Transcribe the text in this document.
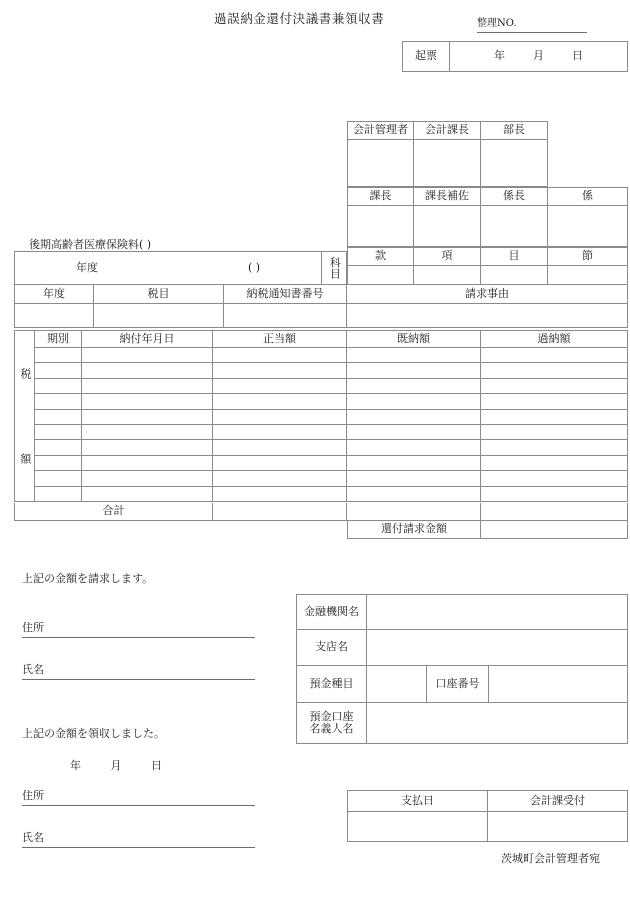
過誤納金還付決議書兼領収書	整理NO.
起票	年	月	日
会計管理者	会計課長	部長
課長	課長補佐	係長	係
款	項	目	節
後期高齢者医療保険料( )
年度	( )	科目
年度	税目	納税通知書番号	請求事由
税
額
期別	納付年月日	正当額	既納額	過納額
合計
還付請求金額
上記の金額を請求します。
住所
氏名
上記の金額を領収しました。
年	月	日
住所
氏名
金融機関名
支店名
預金種目	口座番号
預金口座
名義人名
支払日	会計課受付
茨城町会計管理者宛
